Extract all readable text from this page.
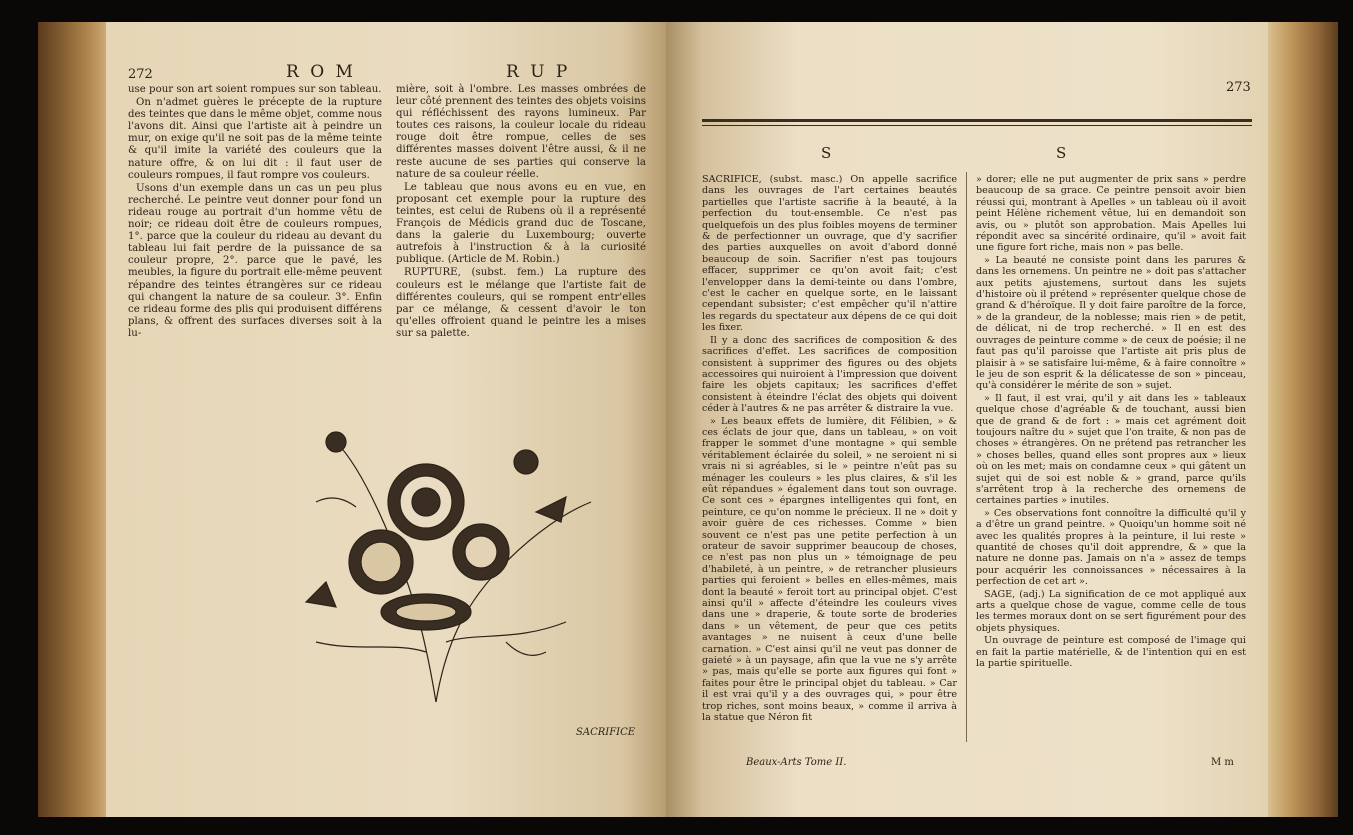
272	R O M	R U P

use pour son art soient rompues sur son tableau.

On n'admet guères le précepte de la rupture des teintes que dans le même objet, comme nous l'avons dit. Ainsi que l'artiste ait à peindre un mur, on exige qu'il ne soit pas de la même teinte & qu'il imite la variété des couleurs que la nature offre, & on lui dit : il faut user de couleurs rompues, il faut rompre vos couleurs.

Usons d'un exemple dans un cas un peu plus recherché. Le peintre veut donner pour fond un rideau rouge au portrait d'un homme vêtu de noir; ce rideau doit être de couleurs rompues, 1°. parce que la couleur du rideau au devant du tableau lui fait perdre de la puissance de sa couleur propre, 2°. parce que le pavé, les meubles, la figure du portrait elle-même peuvent répandre des teintes étrangères sur ce rideau qui changent la nature de sa couleur. 3°. Enfin ce rideau forme des plis qui produisent différens plans, & offrent des surfaces diverses soit à la lu-

mière, soit à l'ombre. Les masses ombrées de leur côté prennent des teintes des objets voisins qui réfléchissent des rayons lumineux. Par toutes ces raisons, la couleur locale du rideau rouge doit être rompue, celles de ses différentes masses doivent l'être aussi, & il ne reste aucune de ses parties qui conserve la nature de sa couleur réelle.

Le tableau que nous avons eu en vue, en proposant cet exemple pour la rupture des teintes, est celui de Rubens où il a représenté François de Médicis grand duc de Toscane, dans la galerie du Luxembourg; ouverte autrefois à l'instruction & à la curiosité publique. (Article de M. Robin.)

RUPTURE, (subst. fem.) La rupture des couleurs est le mélange que l'artiste fait de différentes couleurs, qui se rompent entr'elles par ce mélange, & cessent d'avoir le ton qu'elles offroient quand le peintre les a mises sur sa palette.

SACRIFICE
273
S	S

SACRIFICE, (subst. masc.) On appelle sacrifice dans les ouvrages de l'art certaines beautés partielles que l'artiste sacrifie à la beauté, à la perfection du tout-ensemble. Ce n'est pas quelquefois un des plus foibles moyens de terminer & de perfectionner un ouvrage, que d'y sacrifier des parties auxquelles on avoit d'abord donné beaucoup de soin. Sacrifier n'est pas toujours effacer, supprimer ce qu'on avoit fait; c'est l'envelopper dans la demi-teinte ou dans l'ombre, c'est le cacher en quelque sorte, en le laissant cependant subsister; c'est empêcher qu'il n'attire les regards du spectateur aux dépens de ce qui doit les fixer.

Il y a donc des sacrifices de composition & des sacrifices d'effet. Les sacrifices de composition consistent à supprimer des figures ou des objets accessoires qui nuiroient à l'impression que doivent faire les objets capitaux; les sacrifices d'effet consistent à éteindre l'éclat des objets qui doivent céder à l'autres & ne pas arrêter & distraire la vue.

» Les beaux effets de lumière, dit Félibien, » & ces éclats de jour que, dans un tableau, » on voit frapper le sommet d'une montagne » qui semble véritablement éclairée du soleil, » ne seroient ni si vrais ni si agréables, si le » peintre n'eût pas su ménager les couleurs » les plus claires, & s'il les eût répandues » également dans tout son ouvrage. Ce sont ces » épargnes intelligentes qui font, en peinture, ce qu'on nomme le précieux. Il ne » doit y avoir guère de ces richesses. Comme » bien souvent ce n'est pas une petite perfection à un orateur de savoir supprimer beaucoup de choses, ce n'est pas non plus un » témoignage de peu d'habileté, à un peintre, » de retrancher plusieurs parties qui feroient » belles en elles-mêmes, mais dont la beauté » feroit tort au principal objet. C'est ainsi qu'il » affecte d'éteindre les couleurs vives dans une » draperie, & toute sorte de broderies dans » un vêtement, de peur que ces petits avantages » ne nuisent à ceux d'une belle carnation. » C'est ainsi qu'il ne veut pas donner de gaieté » à un paysage, afin que la vue ne s'y arrête » pas, mais qu'elle se porte aux figures qui font » faites pour être le principal objet du tableau. » Car il est vrai qu'il y a des ouvrages qui, » pour être trop riches, sont moins beaux, » comme il arriva à la statue que Néron fit

» dorer; elle ne put augmenter de prix sans » perdre beaucoup de sa grace. Ce peintre pensoit avoir bien réussi qui, montrant à Apelles » un tableau où il avoit peint Hélène richement vêtue, lui en demandoit son avis, ou » plutôt son approbation. Mais Apelles lui répondit avec sa sincérité ordinaire, qu'il » avoit fait une figure fort riche, mais non » pas belle.

» La beauté ne consiste point dans les parures & dans les ornemens. Un peintre ne » doit pas s'attacher aux petits ajustemens, surtout dans les sujets d'histoire où il prétend » représenter quelque chose de grand & d'héroïque. Il y doit faire paroître de la force, » de la grandeur, de la noblesse; mais rien » de petit, de délicat, ni de trop recherché. » Il en est des ouvrages de peinture comme » de ceux de poésie; il ne faut pas qu'il paroisse que l'artiste ait pris plus de plaisir à » se satisfaire lui-même, & à faire connoître » le jeu de son esprit & la délicatesse de son » pinceau, qu'à considérer le mérite de son » sujet.

» Il faut, il est vrai, qu'il y ait dans les » tableaux quelque chose d'agréable & de touchant, aussi bien que de grand & de fort : » mais cet agrément doit toujours naître du » sujet que l'on traite, & non pas de choses » étrangères. On ne prétend pas retrancher les » choses belles, quand elles sont propres aux » lieux où on les met; mais on condamne ceux » qui gâtent un sujet qui de soi est noble & » grand, parce qu'ils s'arrêtent trop à la recherche des ornemens de certaines parties » inutiles.

» Ces observations font connoître la difficulté qu'il y a d'être un grand peintre. » Quoiqu'un homme soit né avec les qualités propres à la peinture, il lui reste » quantité de choses qu'il doit apprendre, & » que la nature ne donne pas. Jamais on n'a » assez de temps pour acquérir les connoissances » nécessaires à la perfection de cet art ».

SAGE, (adj.) La signification de ce mot appliqué aux arts a quelque chose de vague, comme celle de tous les termes moraux dont on se sert figurément pour des objets physiques.

Un ouvrage de peinture est composé de l'image qui en fait la partie matérielle, & de l'intention qui en est la partie spirituelle.

Beaux-Arts Tome II.	M m
